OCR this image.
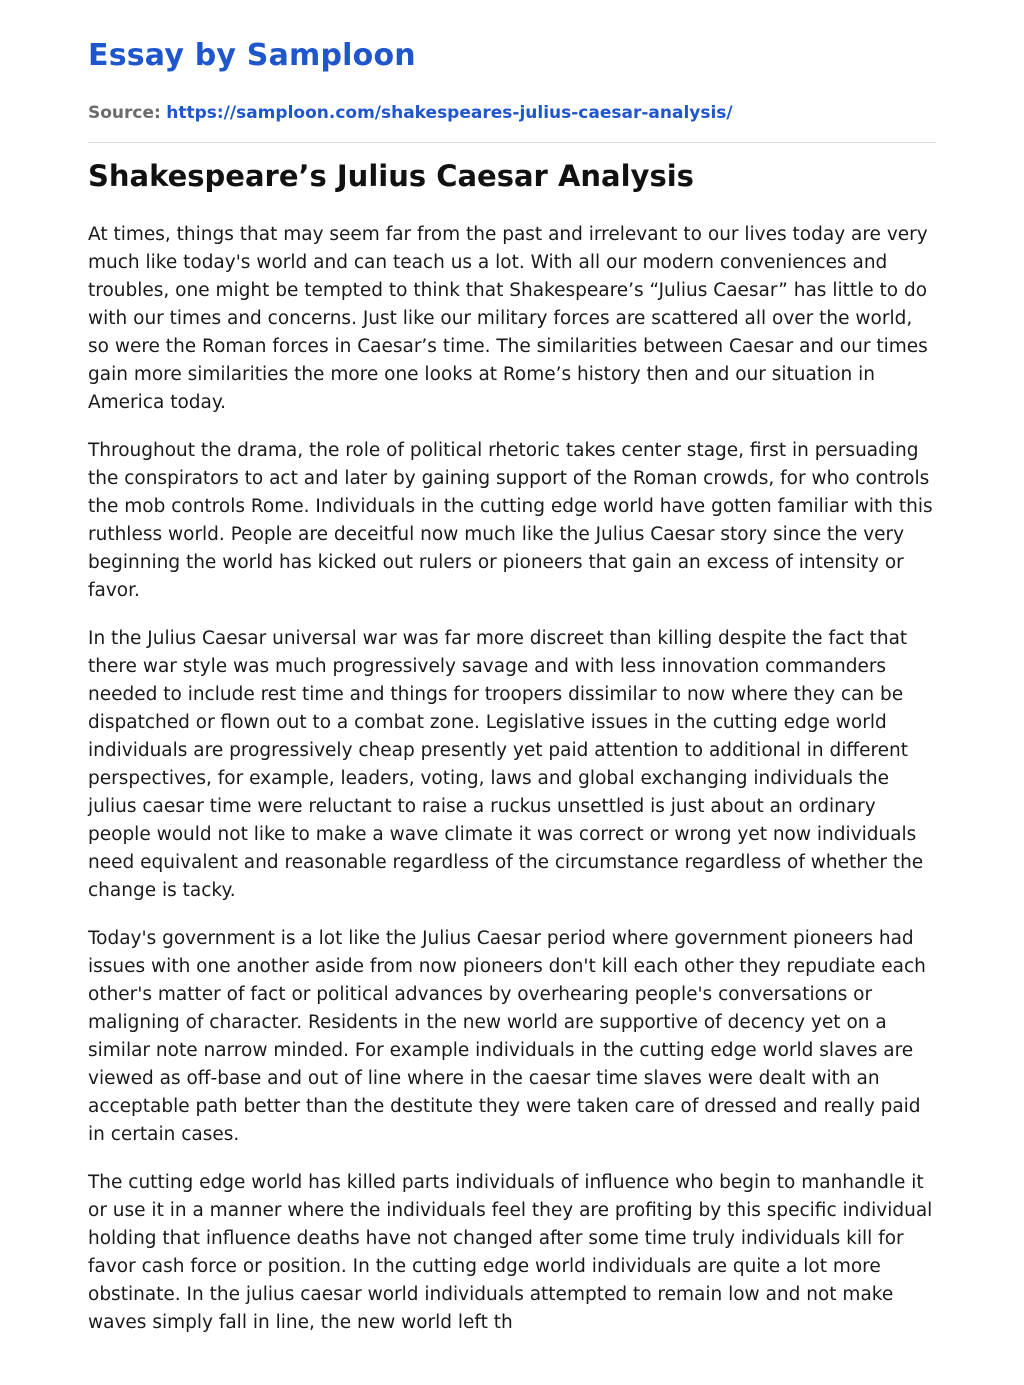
Essay by Samploon

Source: https://samploon.com/shakespeares-julius-caesar-analysis/

Shakespeare’s Julius Caesar Analysis

At times, things that may seem far from the past and irrelevant to our lives today are very much like today's world and can teach us a lot. With all our modern conveniences and troubles, one might be tempted to think that Shakespeare’s “Julius Caesar” has little to do with our times and concerns. Just like our military forces are scattered all over the world, so were the Roman forces in Caesar’s time. The similarities between Caesar and our times gain more similarities the more one looks at Rome’s history then and our situation in America today.

Throughout the drama, the role of political rhetoric takes center stage, first in persuading the conspirators to act and later by gaining support of the Roman crowds, for who controls the mob controls Rome. Individuals in the cutting edge world have gotten familiar with this ruthless world. People are deceitful now much like the Julius Caesar story since the very beginning the world has kicked out rulers or pioneers that gain an excess of intensity or favor.

In the Julius Caesar universal war was far more discreet than killing despite the fact that there war style was much progressively savage and with less innovation commanders needed to include rest time and things for troopers dissimilar to now where they can be dispatched or flown out to a combat zone. Legislative issues in the cutting edge world individuals are progressively cheap presently yet paid attention to additional in different perspectives, for example, leaders, voting, laws and global exchanging individuals the julius caesar time were reluctant to raise a ruckus unsettled is just about an ordinary people would not like to make a wave climate it was correct or wrong yet now individuals need equivalent and reasonable regardless of the circumstance regardless of whether the change is tacky.

Today's government is a lot like the Julius Caesar period where government pioneers had issues with one another aside from now pioneers don't kill each other they repudiate each other's matter of fact or political advances by overhearing people's conversations or maligning of character. Residents in the new world are supportive of decency yet on a similar note narrow minded. For example individuals in the cutting edge world slaves are viewed as off-base and out of line where in the caesar time slaves were dealt with an acceptable path better than the destitute they were taken care of dressed and really paid in certain cases.

The cutting edge world has killed parts individuals of influence who begin to manhandle it or use it in a manner where the individuals feel they are profiting by this specific individual holding that influence deaths have not changed after some time truly individuals kill for favor cash force or position. In the cutting edge world individuals are quite a lot more obstinate. In the julius caesar world individuals attempted to remain low and not make waves simply fall in line, the new world left th
